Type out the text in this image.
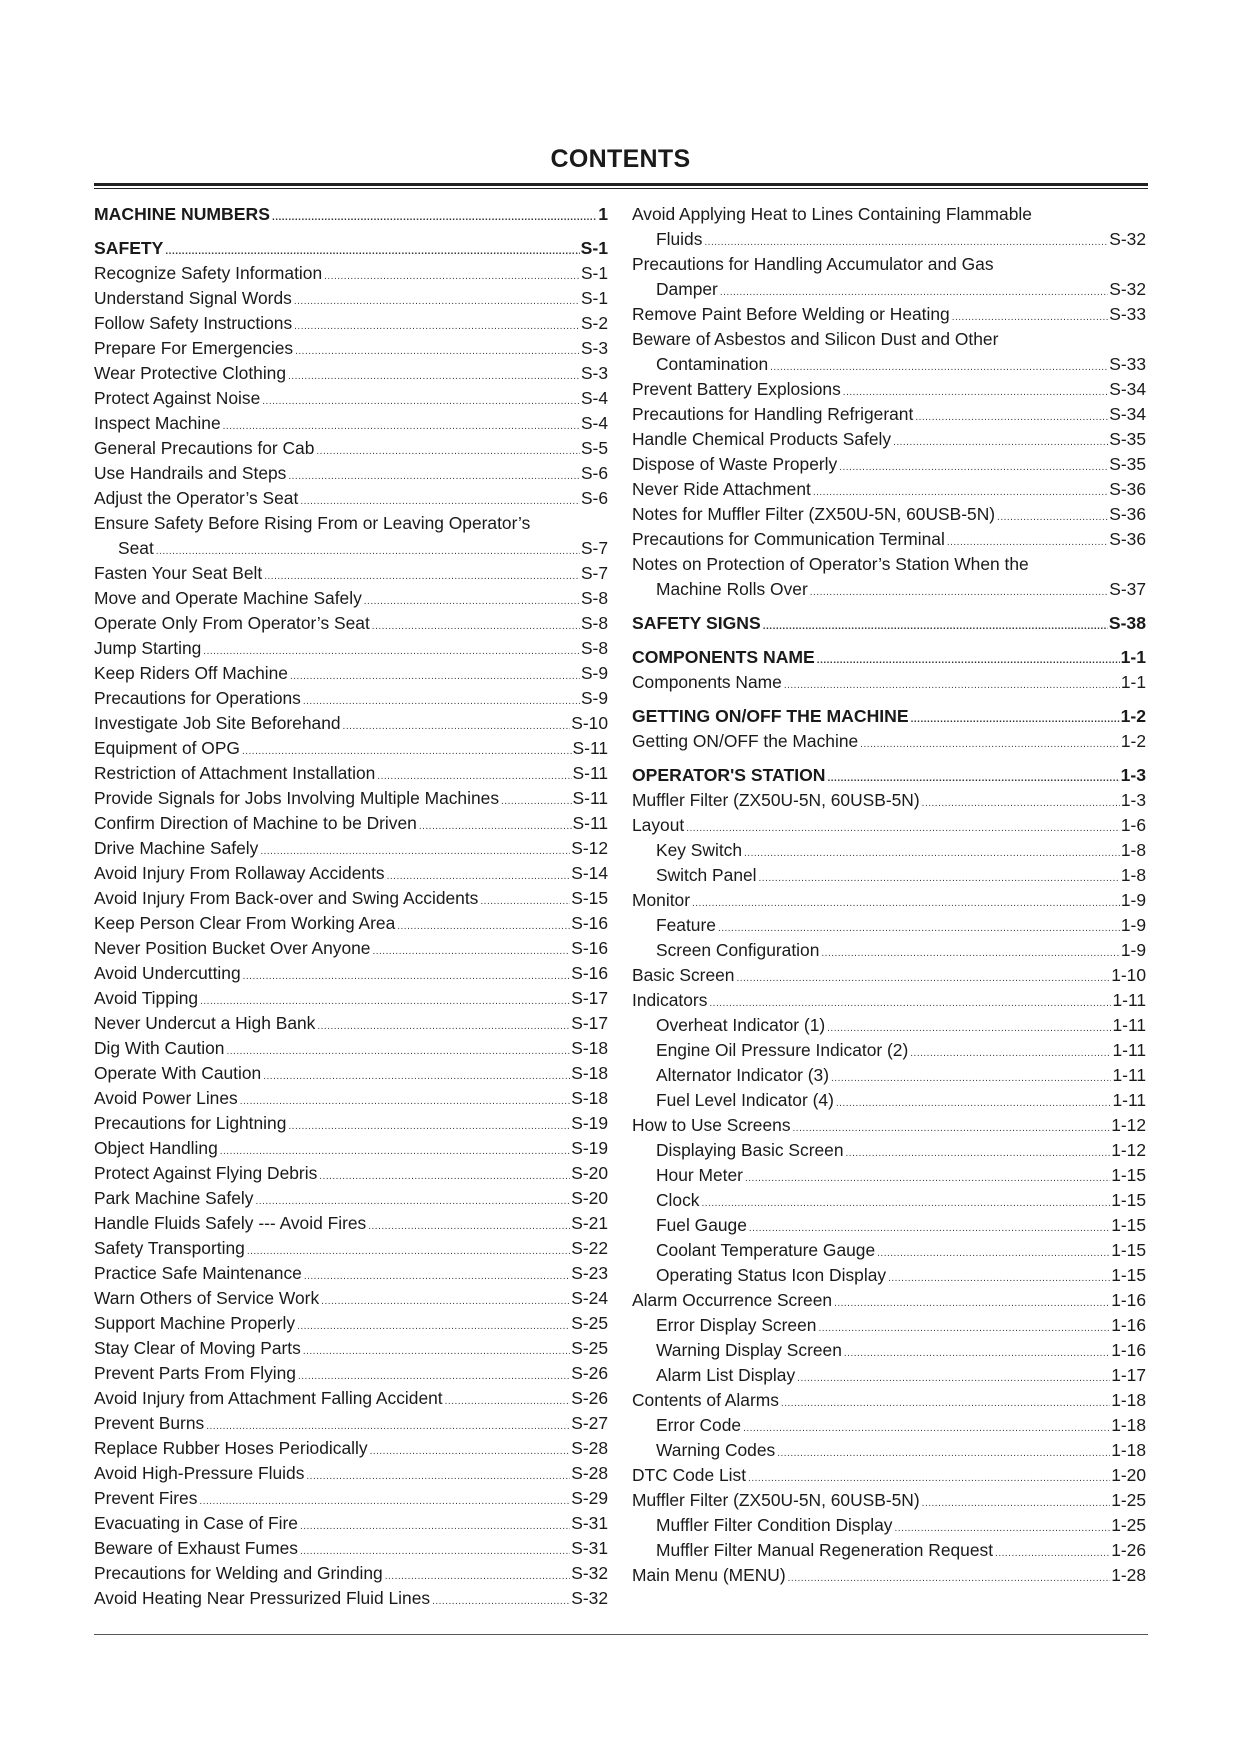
CONTENTS
MACHINE NUMBERS .....	1
SAFETY .....	S-1
Recognize Safety Information .....	S-1
Understand Signal Words .....	S-1
Follow Safety Instructions .....	S-2
Prepare For Emergencies .....	S-3
Wear Protective Clothing .....	S-3
Protect Against Noise .....	S-4
Inspect Machine .....	S-4
General Precautions for Cab .....	S-5
Use Handrails and Steps .....	S-6
Adjust the Operator’s Seat .....	S-6
Ensure Safety Before Rising From or Leaving Operator’s
Seat .....	S-7
Fasten Your Seat Belt .....	S-7
Move and Operate Machine Safely .....	S-8
Operate Only From Operator’s Seat .....	S-8
Jump Starting .....	S-8
Keep Riders Off Machine .....	S-9
Precautions for Operations .....	S-9
Investigate Job Site Beforehand .....	S-10
Equipment of OPG .....	S-11
Restriction of Attachment Installation .....	S-11
Provide Signals for Jobs Involving Multiple Machines .....	S-11
Confirm Direction of Machine to be Driven .....	S-11
Drive Machine Safely .....	S-12
Avoid Injury From Rollaway Accidents .....	S-14
Avoid Injury From Back-over and Swing Accidents .....	S-15
Keep Person Clear From Working Area .....	S-16
Never Position Bucket Over Anyone .....	S-16
Avoid Undercutting .....	S-16
Avoid Tipping .....	S-17
Never Undercut a High Bank .....	S-17
Dig With Caution .....	S-18
Operate With Caution .....	S-18
Avoid Power Lines .....	S-18
Precautions for Lightning .....	S-19
Object Handling .....	S-19
Protect Against Flying Debris .....	S-20
Park Machine Safely .....	S-20
Handle Fluids Safely --- Avoid Fires .....	S-21
Safety Transporting .....	S-22
Practice Safe Maintenance .....	S-23
Warn Others of Service Work .....	S-24
Support Machine Properly .....	S-25
Stay Clear of Moving Parts .....	S-25
Prevent Parts From Flying .....	S-26
Avoid Injury from Attachment Falling Accident .....	S-26
Prevent Burns .....	S-27
Replace Rubber Hoses Periodically .....	S-28
Avoid High-Pressure Fluids .....	S-28
Prevent Fires .....	S-29
Evacuating in Case of Fire .....	S-31
Beware of Exhaust Fumes .....	S-31
Precautions for Welding and Grinding .....	S-32
Avoid Heating Near Pressurized Fluid Lines .....	S-32
Avoid Applying Heat to Lines Containing Flammable
Fluids .....	S-32
Precautions for Handling Accumulator and Gas
Damper .....	S-32
Remove Paint Before Welding or Heating .....	S-33
Beware of Asbestos and Silicon Dust and Other
Contamination .....	S-33
Prevent Battery Explosions .....	S-34
Precautions for Handling Refrigerant .....	S-34
Handle Chemical Products Safely .....	S-35
Dispose of Waste Properly .....	S-35
Never Ride Attachment .....	S-36
Notes for Muffler Filter (ZX50U-5N, 60USB-5N) .....	S-36
Precautions for Communication Terminal .....	S-36
Notes on Protection of Operator’s Station When the
Machine Rolls Over .....	S-37
SAFETY SIGNS .....	S-38
COMPONENTS NAME .....	1-1
Components Name .....	1-1
GETTING ON/OFF THE MACHINE .....	1-2
Getting ON/OFF the Machine .....	1-2
OPERATOR'S STATION .....	1-3
Muffler Filter (ZX50U-5N, 60USB-5N) .....	1-3
Layout .....	1-6
Key Switch .....	1-8
Switch Panel .....	1-8
Monitor .....	1-9
Feature .....	1-9
Screen Configuration .....	1-9
Basic Screen .....	1-10
Indicators .....	1-11
Overheat Indicator (1) .....	1-11
Engine Oil Pressure Indicator (2) .....	1-11
Alternator Indicator (3) .....	1-11
Fuel Level Indicator (4) .....	1-11
How to Use Screens .....	1-12
Displaying Basic Screen .....	1-12
Hour Meter .....	1-15
Clock .....	1-15
Fuel Gauge .....	1-15
Coolant Temperature Gauge .....	1-15
Operating Status Icon Display .....	1-15
Alarm Occurrence Screen .....	1-16
Error Display Screen .....	1-16
Warning Display Screen .....	1-16
Alarm List Display .....	1-17
Contents of Alarms .....	1-18
Error Code .....	1-18
Warning Codes .....	1-18
DTC Code List .....	1-20
Muffler Filter (ZX50U-5N, 60USB-5N) .....	1-25
Muffler Filter Condition Display .....	1-25
Muffler Filter Manual Regeneration Request .....	1-26
Main Menu (MENU) .....	1-28
